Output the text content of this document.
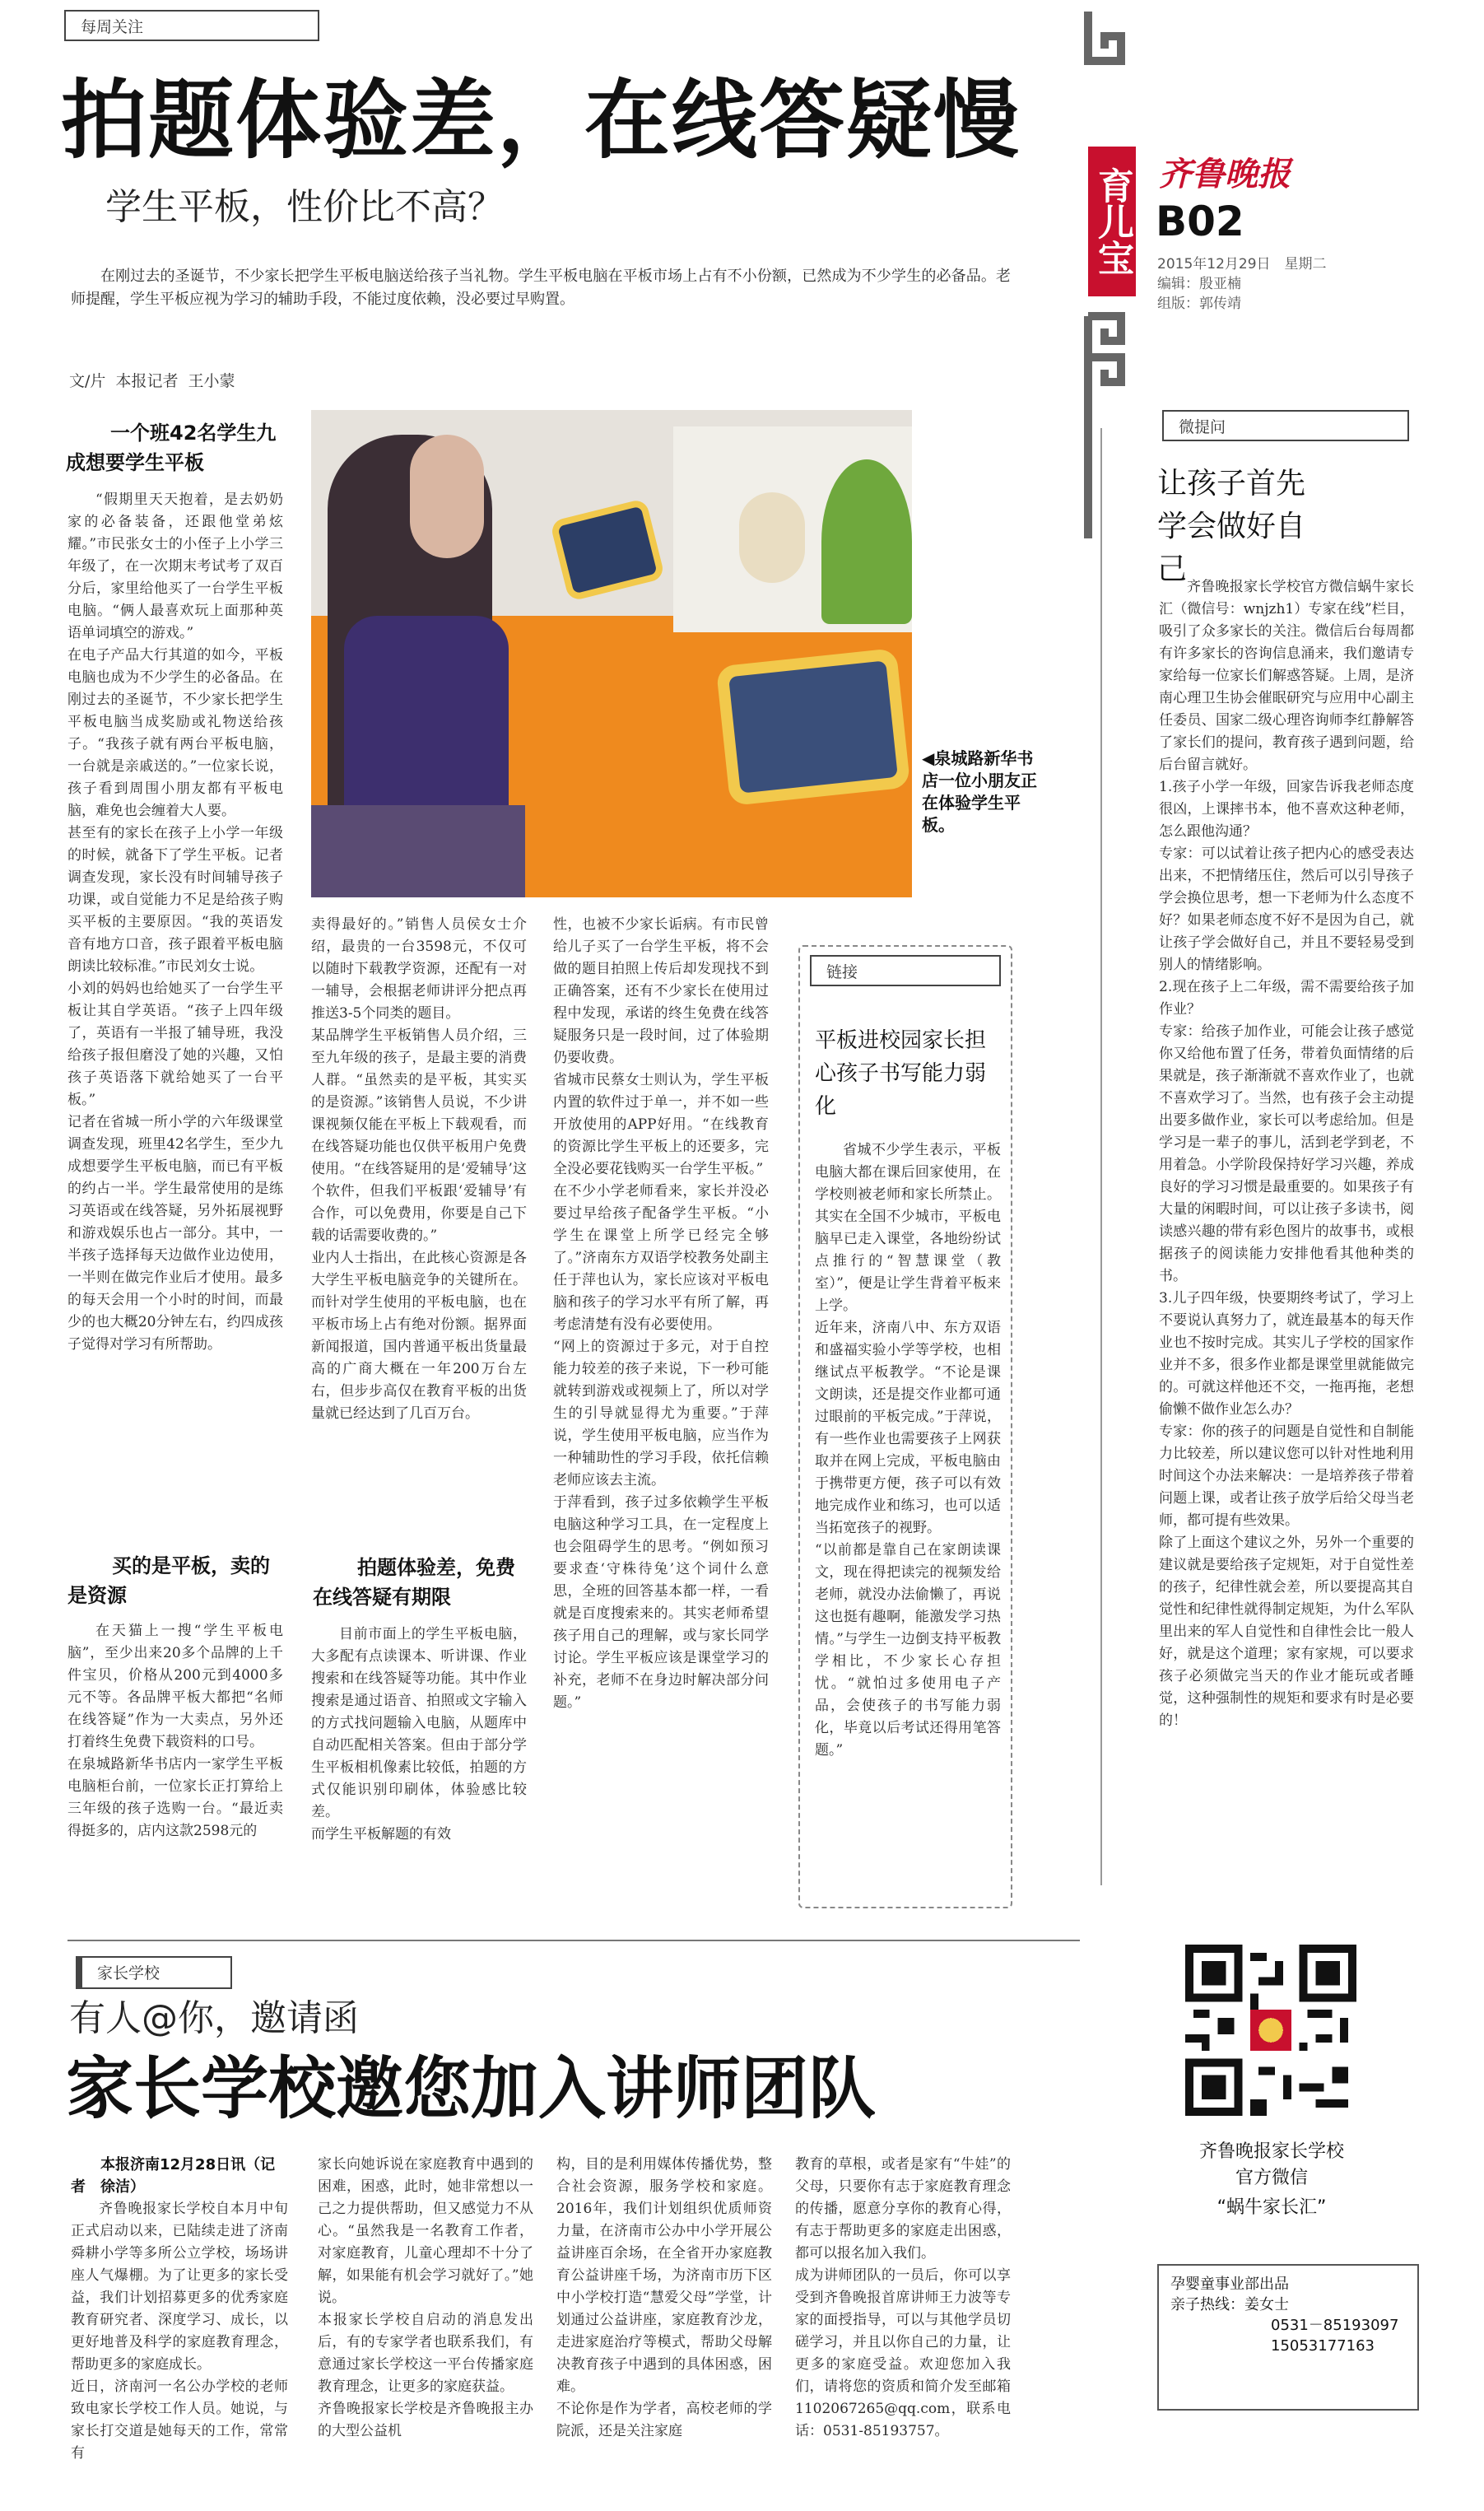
每周关注
拍题体验差，在线答疑慢
学生平板，性价比不高？
在刚过去的圣诞节，不少家长把学生平板电脑送给孩子当礼物。学生平板电脑在平板市场上占有不小份额，已然成为不少学生的必备品。老师提醒，学生平板应视为学习的辅助手段，不能过度依赖，没必要过早购置。
文/片  本报记者  王小蒙
育儿宝 齐鲁晚报
B02
2015年12月29日　星期二
编辑：殷亚楠
组版：郭传靖
◀泉城路新华书店一位小朋友正在体验学生平板。
一个班42名学生九成想要学生平板
“假期里天天抱着，是去奶奶家的必备装备，还跟他堂弟炫耀。”市民张女士的小侄子上小学三年级了，在一次期末考试考了双百分后，家里给他买了一台学生平板电脑。“俩人最喜欢玩上面那种英语单词填空的游戏。”
在电子产品大行其道的如今，平板电脑也成为不少学生的必备品。在刚过去的圣诞节，不少家长把学生平板电脑当成奖励或礼物送给孩子。“我孩子就有两台平板电脑，一台就是亲戚送的。”一位家长说，孩子看到周围小朋友都有平板电脑，难免也会缠着大人要。
甚至有的家长在孩子上小学一年级的时候，就备下了学生平板。记者调查发现，家长没有时间辅导孩子功课，或自觉能力不足是给孩子购买平板的主要原因。“我的英语发音有地方口音，孩子跟着平板电脑朗读比较标准。”市民刘女士说。
小刘的妈妈也给她买了一台学生平板让其自学英语。“孩子上四年级了，英语有一半报了辅导班，我没给孩子报但磨没了她的兴趣，又怕孩子英语落下就给她买了一台平板。”
记者在省城一所小学的六年级课堂调查发现，班里42名学生，至少九成想要学生平板电脑，而已有平板的约占一半。学生最常使用的是练习英语或在线答疑，另外拓展视野和游戏娱乐也占一部分。其中，一半孩子选择每天边做作业边使用，一半则在做完作业后才使用。最多的每天会用一个小时的时间，而最少的也大概20分钟左右，约四成孩子觉得对学习有所帮助。
买的是平板，卖的是资源
在天猫上一搜“学生平板电脑”，至少出来20多个品牌的上千件宝贝，价格从200元到4000多元不等。各品牌平板大都把“名师在线答疑”作为一大卖点，另外还打着终生免费下载资料的口号。
在泉城路新华书店内一家学生平板电脑柜台前，一位家长正打算给上三年级的孩子选购一台。“最近卖得挺多的，店内这款2598元的
卖得最好的。”销售人员侯女士介绍，最贵的一台3598元，不仅可以随时下载教学资源，还配有一对一辅导，会根据老师讲评分把点再推送3-5个同类的题目。
某品牌学生平板销售人员介绍，三至九年级的孩子，是最主要的消费人群。“虽然卖的是平板，其实买的是资源。”该销售人员说，不少讲课视频仅能在平板上下载观看，而在线答疑功能也仅供平板用户免费使用。“在线答疑用的是‘爱辅导’这个软件，但我们平板跟‘爱辅导’有合作，可以免费用，你要是自己下载的话需要收费的。”
业内人士指出，在此核心资源是各大学生平板电脑竞争的关键所在。而针对学生使用的平板电脑，也在平板市场上占有绝对份额。据界面新闻报道，国内普通平板出货量最高的广商大概在一年200万台左右，但步步高仅在教育平板的出货量就已经达到了几百万台。
拍题体验差，免费在线答疑有期限
目前市面上的学生平板电脑，大多配有点读课本、听讲课、作业搜索和在线答疑等功能。其中作业搜索是通过语音、拍照或文字输入的方式找问题输入电脑，从题库中自动匹配相关答案。但由于部分学生平板相机像素比较低，拍题的方式仅能识别印刷体，体验感比较差。
而学生平板解题的有效
性，也被不少家长诟病。有市民曾给儿子买了一台学生平板，将不会做的题目拍照上传后却发现找不到正确答案，还有不少家长在使用过程中发现，承诺的终生免费在线答疑服务只是一段时间，过了体验期仍要收费。
省城市民蔡女士则认为，学生平板内置的软件过于单一，并不如一些开放使用的APP好用。“在线教育的资源比学生平板上的还要多，完全没必要花钱购买一台学生平板。”
在不少小学老师看来，家长并没必要过早给孩子配备学生平板。“小学生在课堂上所学已经完全够了。”济南东方双语学校教务处副主任于萍也认为，家长应该对平板电脑和孩子的学习水平有所了解，再考虑清楚有没有必要使用。
“网上的资源过于多元，对于自控能力较差的孩子来说，下一秒可能就转到游戏或视频上了，所以对学生的引导就显得尤为重要。”于萍说，学生使用平板电脑，应当作为一种辅助性的学习手段，依托信赖老师应该去主流。
于萍看到，孩子过多依赖学生平板电脑这种学习工具，在一定程度上也会阻碍学生的思考。“例如预习要求查‘守株待兔’这个词什么意思，全班的回答基本都一样，一看就是百度搜索来的。其实老师希望孩子用自己的理解，或与家长同学讨论。学生平板应该是课堂学习的补充，老师不在身边时解决部分问题。”
链接
平板进校园家长担心孩子书写能力弱化
省城不少学生表示，平板电脑大都在课后回家使用，在学校则被老师和家长所禁止。其实在全国不少城市，平板电脑早已走入课堂，各地纷纷试点推行的“智慧课堂（教室）”，便是让学生背着平板来上学。
近年来，济南八中、东方双语和盛福实验小学等学校，也相继试点平板教学。“不论是课文朗读，还是提交作业都可通过眼前的平板完成。”于萍说，有一些作业也需要孩子上网获取并在网上完成，平板电脑由于携带更方便，孩子可以有效地完成作业和练习，也可以适当拓宽孩子的视野。
“以前都是靠自己在家朗读课文，现在得把读完的视频发给老师，就没办法偷懒了，再说这也挺有趣啊，能激发学习热情。”与学生一边倒支持平板教学相比，不少家长心存担忧。“就怕过多使用电子产品，会使孩子的书写能力弱化，毕竟以后考试还得用笔答题。”
微提问
让孩子首先学会做好自己
齐鲁晚报家长学校官方微信蜗牛家长汇（微信号：wnjzh1）专家在线”栏目，吸引了众多家长的关注。微信后台每周都有许多家长的咨询信息涌来，我们邀请专家给每一位家长们解惑答疑。上周，是济南心理卫生协会催眠研究与应用中心副主任委员、国家二级心理咨询师李红静解答了家长们的提问，教育孩子遇到问题，给后台留言就好。
1.孩子小学一年级，回家告诉我老师态度很凶，上课摔书本，他不喜欢这种老师，怎么跟他沟通？
专家：可以试着让孩子把内心的感受表达出来，不把情绪压住，然后可以引导孩子学会换位思考，想一下老师为什么态度不好？如果老师态度不好不是因为自己，就让孩子学会做好自己，并且不要轻易受到别人的情绪影响。
2.现在孩子上二年级，需不需要给孩子加作业？
专家：给孩子加作业，可能会让孩子感觉你又给他布置了任务，带着负面情绪的后果就是，孩子渐渐就不喜欢作业了，也就不喜欢学习了。当然，也有孩子会主动提出要多做作业，家长可以考虑给加。但是学习是一辈子的事儿，活到老学到老，不用着急。小学阶段保持好学习兴趣，养成良好的学习习惯是最重要的。如果孩子有大量的闲暇时间，可以让孩子多读书，阅读感兴趣的带有彩色图片的故事书，或根据孩子的阅读能力安排他看其他种类的书。
3.儿子四年级，快要期终考试了，学习上不要说认真努力了，就连最基本的每天作业也不按时完成。其实儿子学校的国家作业并不多，很多作业都是课堂里就能做完的。可就这样他还不交，一拖再拖，老想偷懒不做作业怎么办？
专家：你的孩子的问题是自觉性和自制能力比较差，所以建议您可以针对性地利用时间这个办法来解决：一是培养孩子带着问题上课，或者让孩子放学后给父母当老师，都可提有些效果。
除了上面这个建议之外，另外一个重要的建议就是要给孩子定规矩，对于自觉性差的孩子，纪律性就会差，所以要提高其自觉性和纪律性就得制定规矩，为什么军队里出来的军人自觉性和自律性会比一般人好，就是这个道理；家有家规，可以要求孩子必须做完当天的作业才能玩或者睡觉，这种强制性的规矩和要求有时是必要的！
齐鲁晚报家长学校
官方微信
“蜗牛家长汇”
孕婴童事业部出品
亲子热线：姜女士
0531－85193097
15053177163
家长学校
有人@你，邀请函
家长学校邀您加入讲师团队
本报济南12月28日讯（记者　徐洁）
齐鲁晚报家长学校自本月中旬正式启动以来，已陆续走进了济南舜耕小学等多所公立学校，场场讲座人气爆棚。为了让更多的家长受益，我们计划招募更多的优秀家庭教育研究者、深度学习、成长，以更好地普及科学的家庭教育理念，帮助更多的家庭成长。
近日，济南河一名公办学校的老师致电家长学校工作人员。她说，与家长打交道是她每天的工作，常常有
家长向她诉说在家庭教育中遇到的困难，困惑，此时，她非常想以一己之力提供帮助，但又感觉力不从心。“虽然我是一名教育工作者，对家庭教育，儿童心理却不十分了解，如果能有机会学习就好了。”她说。
本报家长学校自启动的消息发出后，有的专家学者也联系我们，有意通过家长学校这一平台传播家庭教育理念，让更多的家庭获益。
齐鲁晚报家长学校是齐鲁晚报主办的大型公益机
构，目的是利用媒体传播优势，整合社会资源，服务学校和家庭。2016年，我们计划组织优质师资力量，在济南市公办中小学开展公益讲座百余场，在全省开办家庭教育公益讲座千场，为济南市历下区中小学校打造“慧爱父母”学堂，计划通过公益讲座，家庭教育沙龙，走进家庭治疗等模式，帮助父母解决教育孩子中遇到的具体困惑，困难。
不论你是作为学者，高校老师的学院派，还是关注家庭
教育的草根，或者是家有“牛娃”的父母，只要你有志于家庭教育理念的传播，愿意分享你的教育心得，有志于帮助更多的家庭走出困惑，都可以报名加入我们。
成为讲师团队的一员后，你可以享受到齐鲁晚报首席讲师王力波等专家的面授指导，可以与其他学员切磋学习，并且以你自己的力量，让更多的家庭受益。欢迎您加入我们，请将您的资质和简介发至邮箱1102067265@qq.com，联系电话：0531-85193757。
